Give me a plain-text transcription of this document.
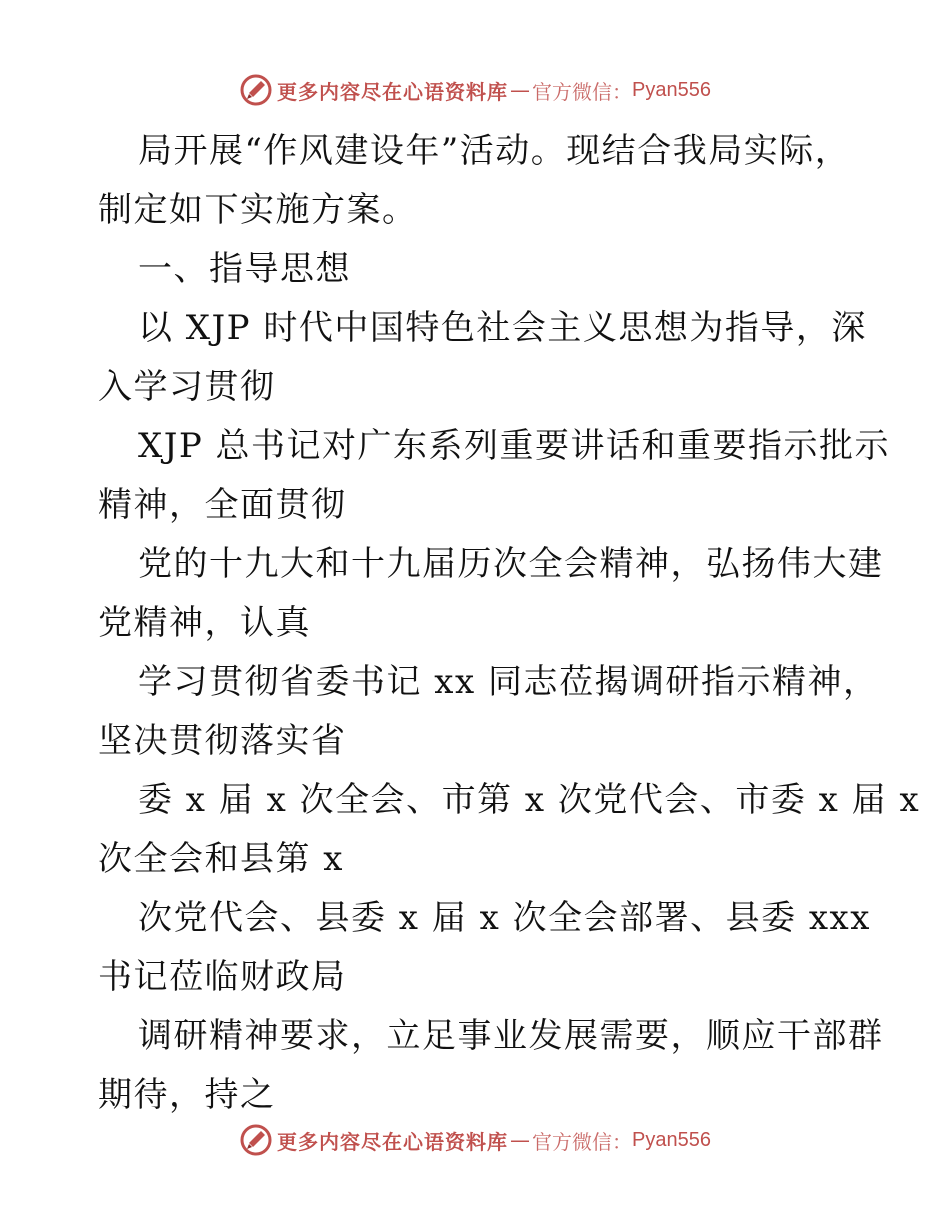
更多内容尽在心语资料库 — 官方微信： Pyan556
局开展“作风建设年”活动。现结合我局实际，
制定如下实施方案。
一、指导思想
以 XJP 时代中国特色社会主义思想为指导，深
入学习贯彻
XJP 总书记对广东系列重要讲话和重要指示批示
精神，全面贯彻
党的十九大和十九届历次全会精神，弘扬伟大建
党精神，认真
学习贯彻省委书记 xx 同志莅揭调研指示精神，
坚决贯彻落实省
委 x 届 x 次全会、市第 x 次党代会、市委 x 届 x
次全会和县第 x
次党代会、县委 x 届 x 次全会部署、县委 xxx
书记莅临财政局
调研精神要求，立足事业发展需要，顺应干部群
期待，持之
更多内容尽在心语资料库 — 官方微信： Pyan556
